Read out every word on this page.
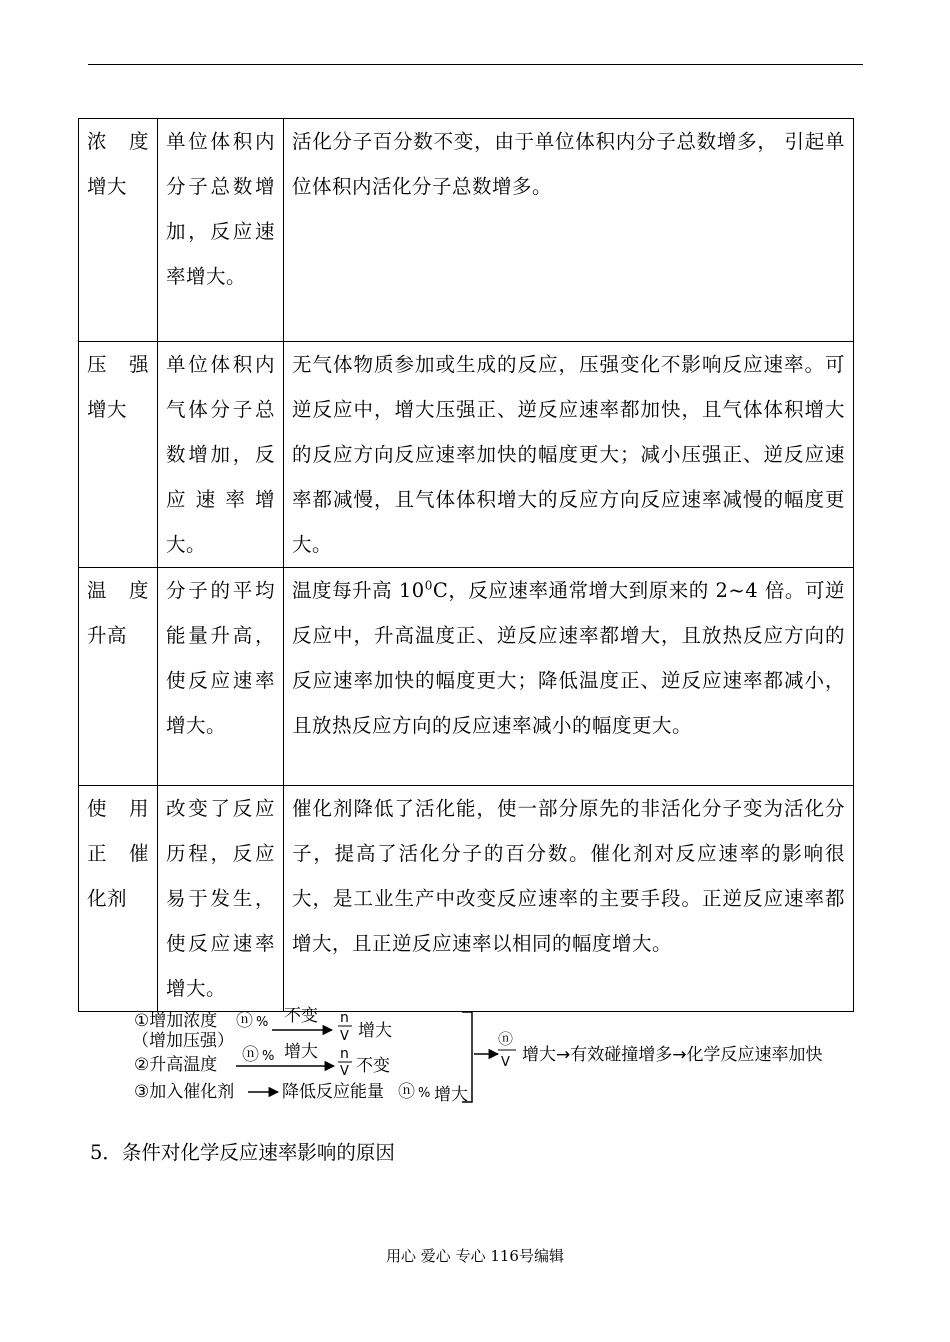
浓　度增大	单位体积内分子总数增加，反应速率增大。	活化分子百分数不变，由于单位体积内分子总数增多， 引起单位体积内活化分子总数增多。
压　强增大	单位体积内气体分子总数增加，反应速率增大。	无气体物质参加或生成的反应，压强变化不影响反应速率。可逆反应中，增大压强正、逆反应速率都加快，且气体体积增大的反应方向反应速率加快的幅度更大；减小压强正、逆反应速率都减慢，且气体体积增大的反应方向反应速率减慢的幅度更大。
温　度升高	分子的平均能量升高，使反应速率增大。	温度每升高 $10^0C$，反应速率通常增大到原来的 2~4 倍。可逆反应中，升高温度正、逆反应速率都增大，且放热反应方向的反应速率加快的幅度更大；降低温度正、逆反应速率都减小，且放热反应方向的反应速率减小的幅度更大。
使　用正　催化剂	改变了反应历程，反应易于发生，使反应速率增大。	催化剂降低了活化能，使一部分原先的非活化分子变为活化分子，提高了活化分子的百分数。催化剂对反应速率的影响很大，是工业生产中改变反应速率的主要手段。正逆反应速率都增大，且正逆反应速率以相同的幅度增大。
①增加浓度 ⓝ % 不变 n
V 增大
（增加压强）
②升高温度 ⓝ % 增大 n
V 不变
③加入催化剂	降低反应能量 ⓝ % 增大
ⓝ
V 增大→有效碰撞增多→化学反应速率加快
5．条件对化学反应速率影响的原因
用心 爱心 专心 116号编辑
